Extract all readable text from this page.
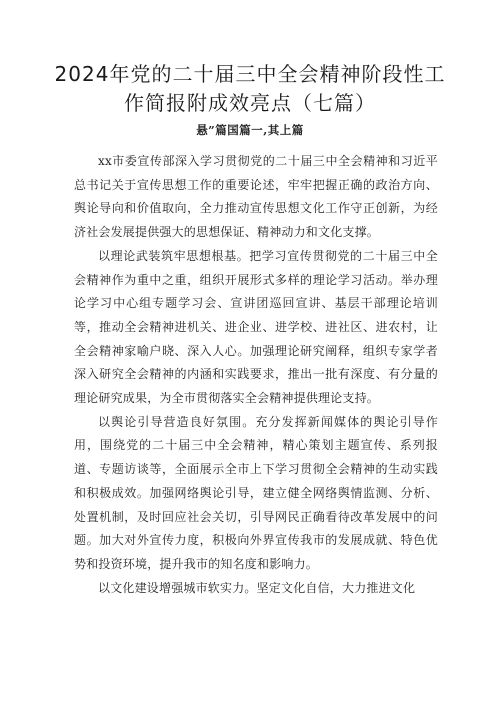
2024年党的二十届三中全会精神阶段性工
作简报附成效亮点（七篇）
悬”篇国篇一,其上篇

xx市委宣传部深入学习贯彻党的二十届三中全会精神和习近平总书记关于宣传思想工作的重要论述，牢牢把握正确的政治方向、舆论导向和价值取向，全力推动宣传思想文化工作守正创新，为经济社会发展提供强大的思想保证、精神动力和文化支撑。

以理论武装筑牢思想根基。把学习宣传贯彻党的二十届三中全会精神作为重中之重，组织开展形式多样的理论学习活动。举办理论学习中心组专题学习会、宣讲团巡回宣讲、基层干部理论培训等，推动全会精神进机关、进企业、进学校、进社区、进农村，让全会精神家喻户晓、深入人心。加强理论研究阐释，组织专家学者深入研究全会精神的内涵和实践要求，推出一批有深度、有分量的理论研究成果，为全市贯彻落实全会精神提供理论支持。

以舆论引导营造良好氛围。充分发挥新闻媒体的舆论引导作用，围绕党的二十届三中全会精神，精心策划主题宣传、系列报道、专题访谈等，全面展示全市上下学习贯彻全会精神的生动实践和积极成效。加强网络舆论引导，建立健全网络舆情监测、分析、处置机制，及时回应社会关切，引导网民正确看待改革发展中的问题。加大对外宣传力度，积极向外界宣传我市的发展成就、特色优势和投资环境，提升我市的知名度和影响力。

以文化建设增强城市软实力。坚定文化自信，大力推进文化
